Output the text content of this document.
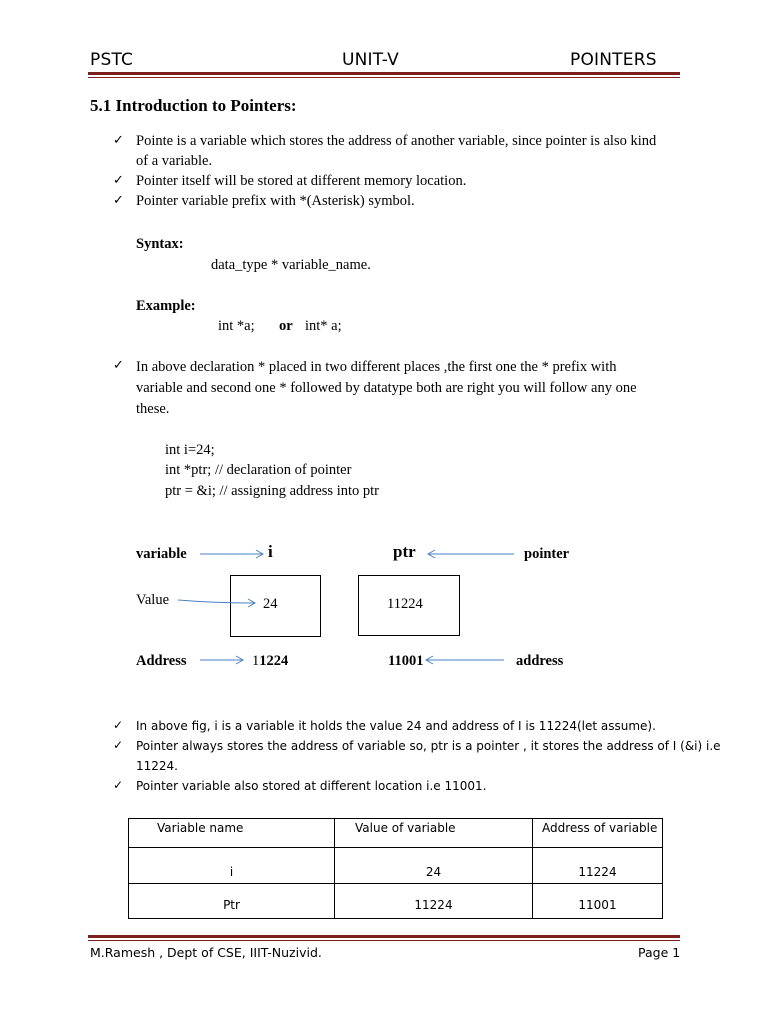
PSTC	UNIT-V	POINTERS
5.1 Introduction to Pointers:
✓ Pointe is a variable which stores the address of another variable, since pointer is also kind
of a variable.
✓ Pointer itself will be stored at different memory location.
✓ Pointer variable prefix with *(Asterisk) symbol.
Syntax:
data_type * variable_name.
Example:
int *a; or int* a;
✓ In above declaration * placed in two different places ,the first one the * prefix with
variable and second one * followed by datatype both are right you will follow any one
these.
int i=24;
int *ptr; // declaration of pointer
ptr = &i; // assigning address into ptr
variable	i	ptr	pointer
Value	24	11224
Address	11224	11001	address
✓ In above fig, i is a variable it holds the value 24 and address of I is 11224(let assume).
✓ Pointer always stores the address of variable so, ptr is a pointer , it stores the address of I (&i) i.e
11224.
✓ Pointer variable also stored at different location i.e 11001.
Variable name	Value of variable	Address of variable
i	24	11224
Ptr	11224	11001
M.Ramesh , Dept of CSE, IIIT-Nuzivid.	Page 1
